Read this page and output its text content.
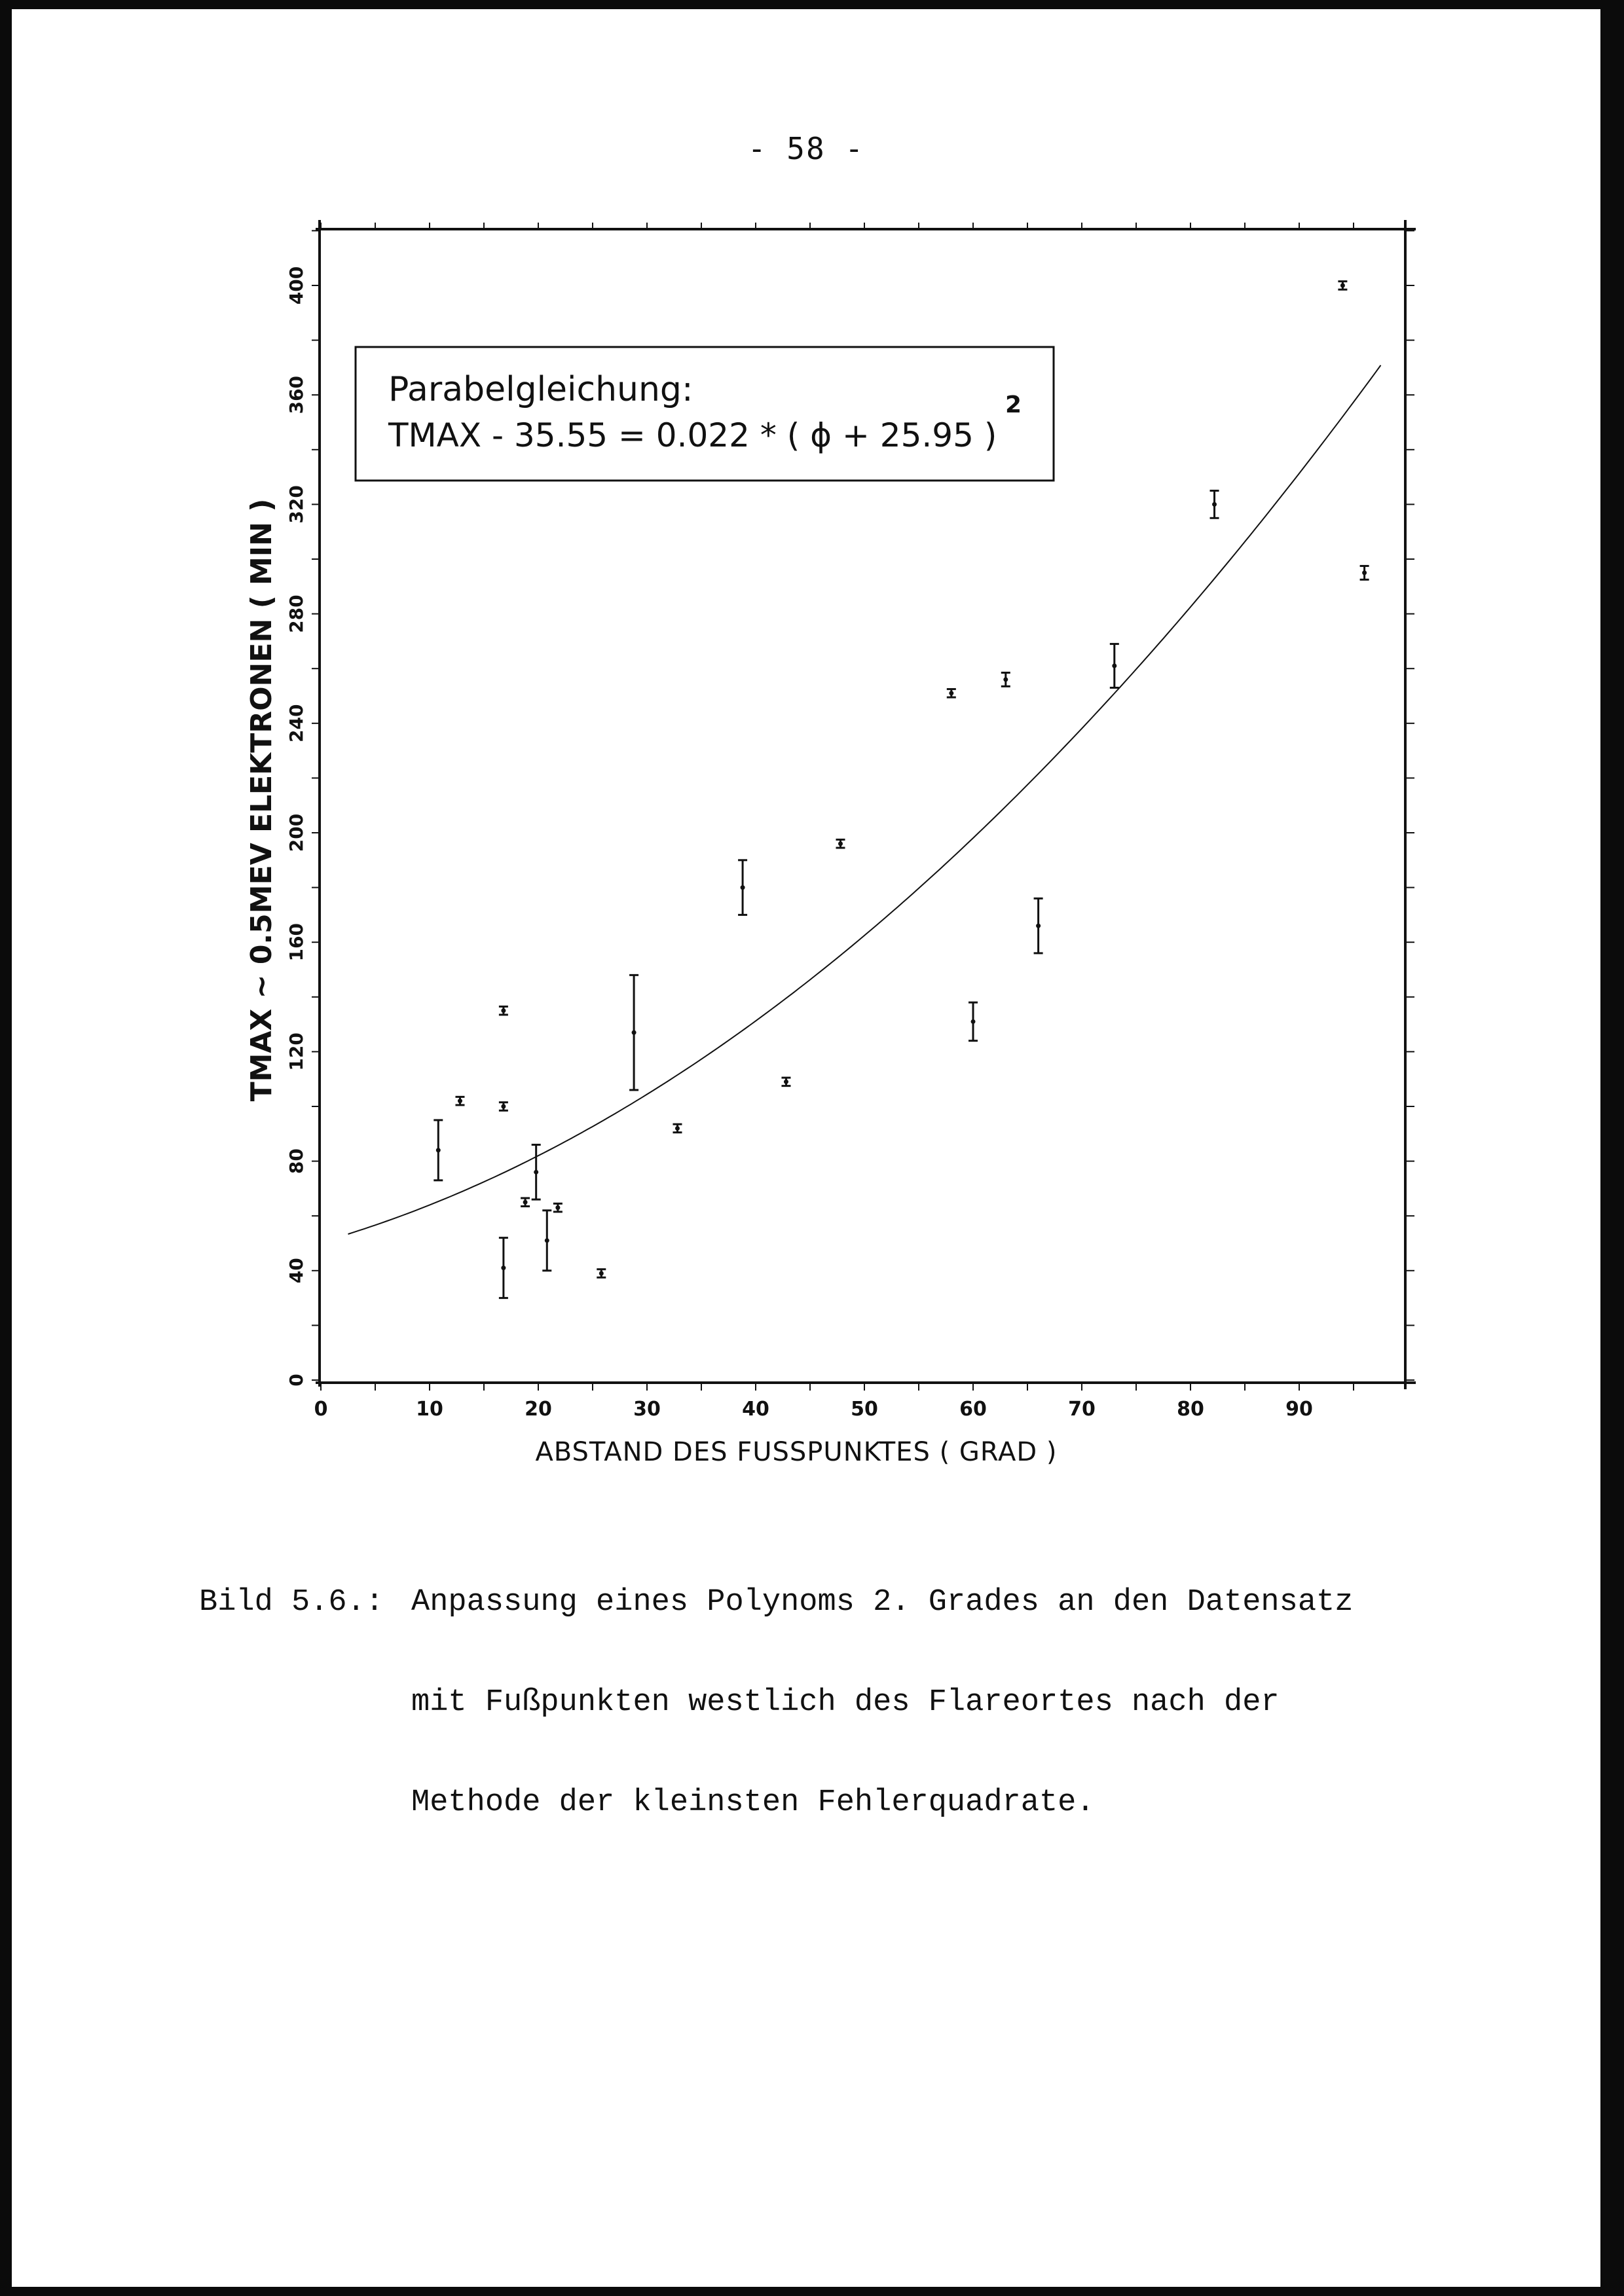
- 58 -
0	10	20	30	40	50	60	70	80	90
0
40
80
120
160
200
240
280
320
360
400
Parabelgleichung:
TMAX - 35.55 = 0.022 * ( ϕ + 25.95 )
2
ABSTAND DES FUSSPUNKTES ( GRAD )
TMAX ~ 0.5MEV ELEKTRONEN ( MIN )

Bild 5.6.: Anpassung eines Polynoms 2. Grades an den Datensatz

mit Fußpunkten westlich des Flareortes nach der

Methode der kleinsten Fehlerquadrate.
